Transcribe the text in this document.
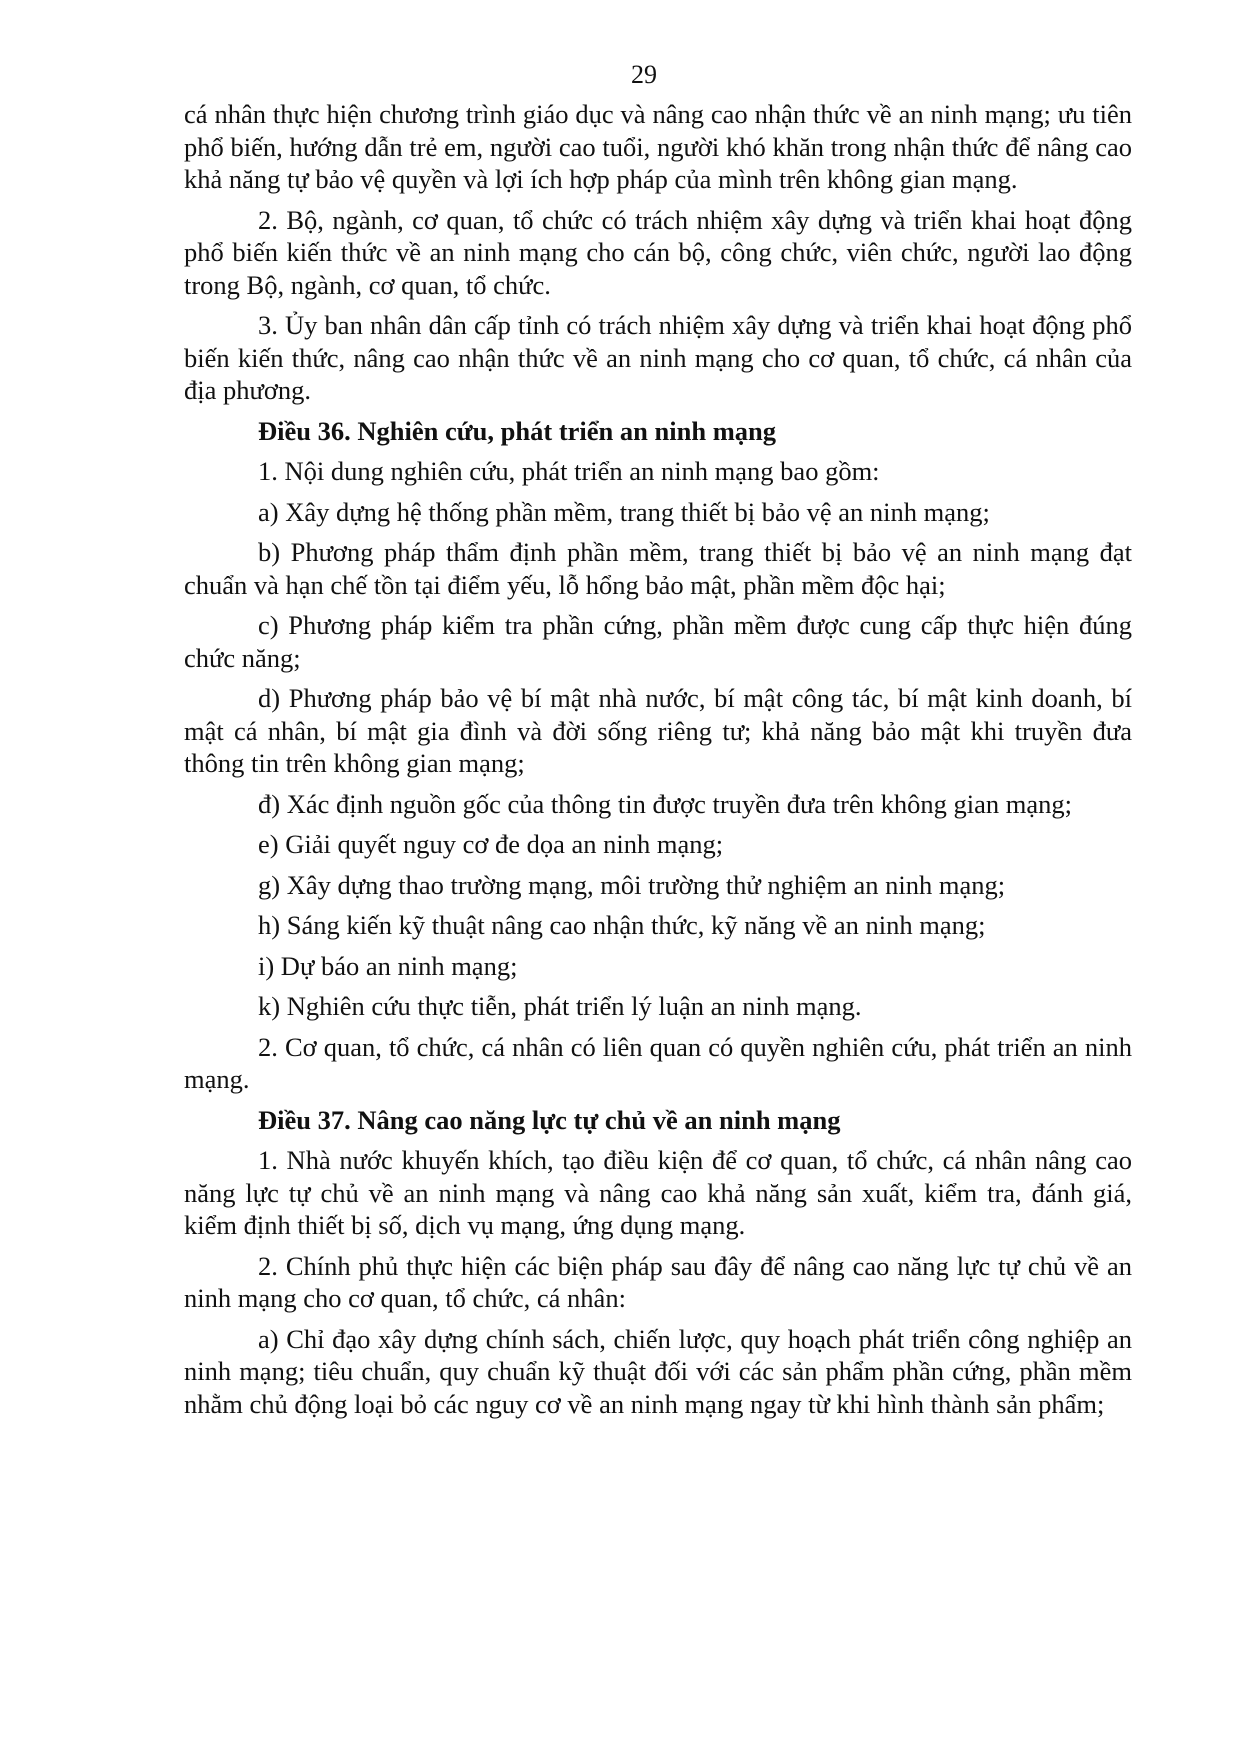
29

cá nhân thực hiện chương trình giáo dục và nâng cao nhận thức về an ninh mạng; ưu tiên phổ biến, hướng dẫn trẻ em, người cao tuổi, người khó khăn trong nhận thức để nâng cao khả năng tự bảo vệ quyền và lợi ích hợp pháp của mình trên không gian mạng.

2. Bộ, ngành, cơ quan, tổ chức có trách nhiệm xây dựng và triển khai hoạt động phổ biến kiến thức về an ninh mạng cho cán bộ, công chức, viên chức, người lao động trong Bộ, ngành, cơ quan, tổ chức.

3. Ủy ban nhân dân cấp tỉnh có trách nhiệm xây dựng và triển khai hoạt động phổ biến kiến thức, nâng cao nhận thức về an ninh mạng cho cơ quan, tổ chức, cá nhân của địa phương.

Điều 36. Nghiên cứu, phát triển an ninh mạng

1. Nội dung nghiên cứu, phát triển an ninh mạng bao gồm:

a) Xây dựng hệ thống phần mềm, trang thiết bị bảo vệ an ninh mạng;

b) Phương pháp thẩm định phần mềm, trang thiết bị bảo vệ an ninh mạng đạt chuẩn và hạn chế tồn tại điểm yếu, lỗ hổng bảo mật, phần mềm độc hại;

c) Phương pháp kiểm tra phần cứng, phần mềm được cung cấp thực hiện đúng chức năng;

d) Phương pháp bảo vệ bí mật nhà nước, bí mật công tác, bí mật kinh doanh, bí mật cá nhân, bí mật gia đình và đời sống riêng tư; khả năng bảo mật khi truyền đưa thông tin trên không gian mạng;

đ) Xác định nguồn gốc của thông tin được truyền đưa trên không gian mạng;

e) Giải quyết nguy cơ đe dọa an ninh mạng;

g) Xây dựng thao trường mạng, môi trường thử nghiệm an ninh mạng;

h) Sáng kiến kỹ thuật nâng cao nhận thức, kỹ năng về an ninh mạng;

i) Dự báo an ninh mạng;

k) Nghiên cứu thực tiễn, phát triển lý luận an ninh mạng.

2. Cơ quan, tổ chức, cá nhân có liên quan có quyền nghiên cứu, phát triển an ninh mạng.

Điều 37. Nâng cao năng lực tự chủ về an ninh mạng

1. Nhà nước khuyến khích, tạo điều kiện để cơ quan, tổ chức, cá nhân nâng cao năng lực tự chủ về an ninh mạng và nâng cao khả năng sản xuất, kiểm tra, đánh giá, kiểm định thiết bị số, dịch vụ mạng, ứng dụng mạng.

2. Chính phủ thực hiện các biện pháp sau đây để nâng cao năng lực tự chủ về an ninh mạng cho cơ quan, tổ chức, cá nhân:

a) Chỉ đạo xây dựng chính sách, chiến lược, quy hoạch phát triển công nghiệp an ninh mạng; tiêu chuẩn, quy chuẩn kỹ thuật đối với các sản phẩm phần cứng, phần mềm nhằm chủ động loại bỏ các nguy cơ về an ninh mạng ngay từ khi hình thành sản phẩm;
